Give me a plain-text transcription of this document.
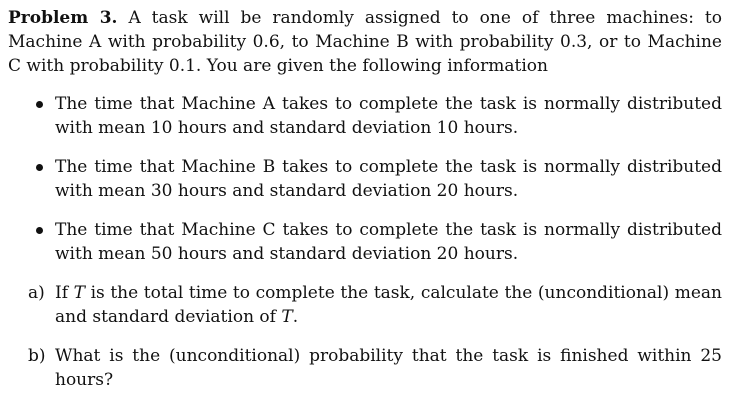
Problem 3. A task will be randomly assigned to one of three machines: to Machine A with probability 0.6, to Machine B with probability 0.3, or to Machine C with probability 0.1. You are given the following information

The time that Machine A takes to complete the task is normally distributed with mean 10 hours and standard deviation 10 hours.
The time that Machine B takes to complete the task is normally distributed with mean 30 hours and standard deviation 20 hours.
The time that Machine C takes to complete the task is normally distributed with mean 50 hours and standard deviation 20 hours.
a) If T is the total time to complete the task, calculate the (unconditional) mean and standard deviation of T.
b) What is the (unconditional) probability that the task is finished within 25 hours?
